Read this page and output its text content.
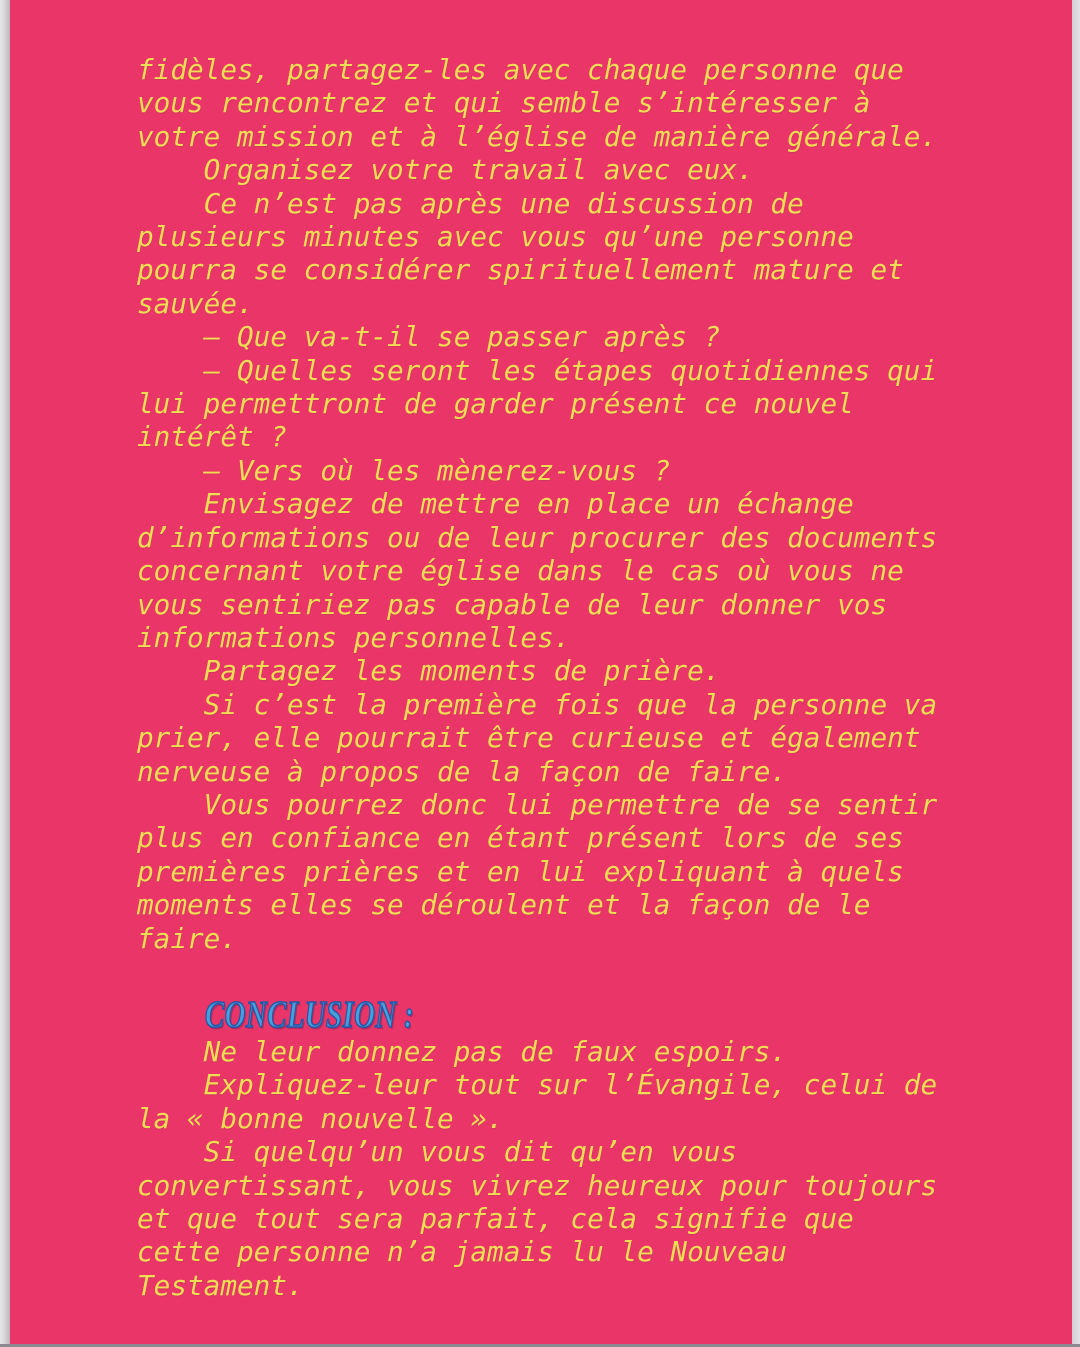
fidèles, partagez-les avec chaque personne que
vous rencontrez et qui semble s’intéresser à
votre mission et à l’église de manière générale.
Organisez votre travail avec eux.
Ce n’est pas après une discussion de
plusieurs minutes avec vous qu’une personne
pourra se considérer spirituellement mature et
sauvée.
– Que va-t-il se passer après ?
– Quelles seront les étapes quotidiennes qui
lui permettront de garder présent ce nouvel
intérêt ?
– Vers où les mènerez-vous ?
Envisagez de mettre en place un échange
d’informations ou de leur procurer des documents
concernant votre église dans le cas où vous ne
vous sentiriez pas capable de leur donner vos
informations personnelles.
Partagez les moments de prière.
Si c’est la première fois que la personne va
prier, elle pourrait être curieuse et également
nerveuse à propos de la façon de faire.
Vous pourrez donc lui permettre de se sentir
plus en confiance en étant présent lors de ses
premières prières et en lui expliquant à quels
moments elles se déroulent et la façon de le
faire.
CONCLUSION :
Ne leur donnez pas de faux espoirs.
Expliquez-leur tout sur l’Évangile, celui de
la « bonne nouvelle ».
Si quelqu’un vous dit qu’en vous
convertissant, vous vivrez heureux pour toujours
et que tout sera parfait, cela signifie que
cette personne n’a jamais lu le Nouveau
Testament.
